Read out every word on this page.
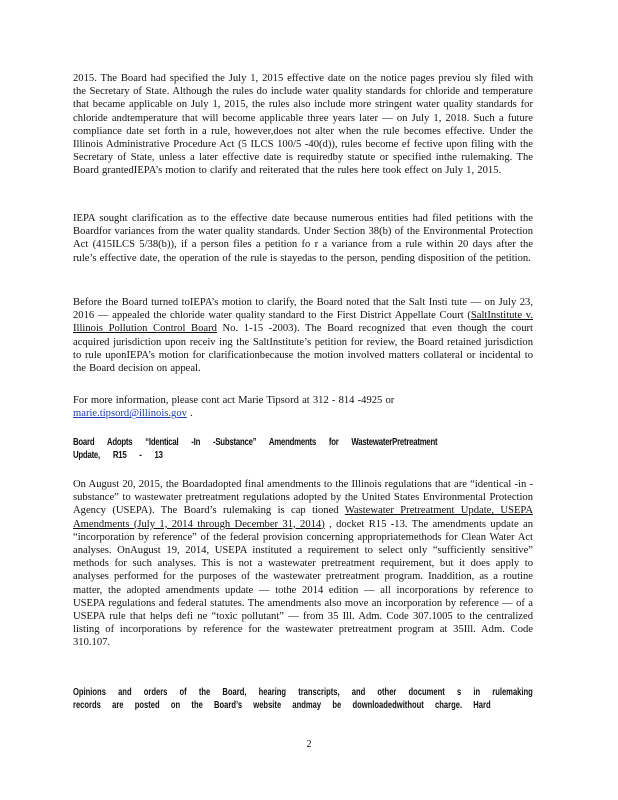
2015. The Board had specified the July 1, 2015 effective date on the notice pages previou sly filed with the Secretary of State. Although the rules do include water quality standards for chloride and temperature that became applicable on July 1, 2015, the rules also include more stringent water quality standards for chloride andtemperature that will become applicable three years later — on July 1, 2018. Such a future compliance date set forth in a rule, however,does not alter when the rule becomes effective. Under the Illinois Administrative Procedure Act (5 ILCS 100/5 -40(d)), rules become ef fective upon filing with the Secretary of State, unless a later effective date is requiredby statute or specified inthe rulemaking. The Board grantedIEPA’s motion to clarify and reiterated that the rules here took effect on July 1, 2015.

IEPA sought clarification as to the effective date because numerous entities had filed petitions with the Boardfor variances from the water quality standards. Under Section 38(b) of the Environmental Protection Act (415ILCS 5/38(b)), if a person files a petition fo r a variance from a rule within 20 days after the rule’s effective date, the operation of the rule is stayedas to the person, pending disposition of the petition.

Before the Board turned toIEPA’s motion to clarify, the Board noted that the Salt Insti tute — on July 23, 2016 — appealed the chloride water quality standard to the First District Appellate Court (SaltInstitute v. Illinois Pollution Control Board No. 1-15 -2003). The Board recognized that even though the court acquired jurisdiction upon receiv ing the SaltInstitute’s petition for review, the Board retained jurisdiction to rule uponIEPA’s motion for clarificationbecause the motion involved matters collateral or incidental to the Board decision on appeal.

For more information, please cont act Marie Tipsord at 312 - 814 -4925 or
marie.tipsord@illinois.gov .

Board Adopts “Identical -In -Substance” Amendments for WastewaterPretreatment
Update, R15 - 13

On August 20, 2015, the Boardadopted final amendments to the Illinois regulations that are “identical -in -substance” to wastewater pretreatment regulations adopted by the United States Environmental Protection Agency (USEPA). The Board’s rulemaking is cap tioned Wastewater Pretreatment Update, USEPA Amendments (July 1, 2014 through December 31, 2014) , docket R15 -13. The amendments update an “incorporation by reference” of the federal provision concerning appropriatemethods for Clean Water Act analyses. OnAugust 19, 2014, USEPA instituted a requirement to select only “sufficiently sensitive” methods for such analyses. This is not a wastewater pretreatment requirement, but it does apply to analyses performed for the purposes of the wastewater pretreatment program. Inaddition, as a routine matter, the adopted amendments update — tothe 2014 edition — all incorporations by reference to USEPA regulations and federal statutes. The amendments also move an incorporation by reference — of a USEPA rule that helps defi ne “toxic pollutant” — from 35 Ill. Adm. Code 307.1005 to the centralized listing of incorporations by reference for the wastewater pretreatment program at 35Ill. Adm. Code 310.107.

Opinions and orders of the Board, hearing transcripts, and other document s in rulemaking records are posted on the Board’s website andmay be downloadedwithout charge. Hard

2
